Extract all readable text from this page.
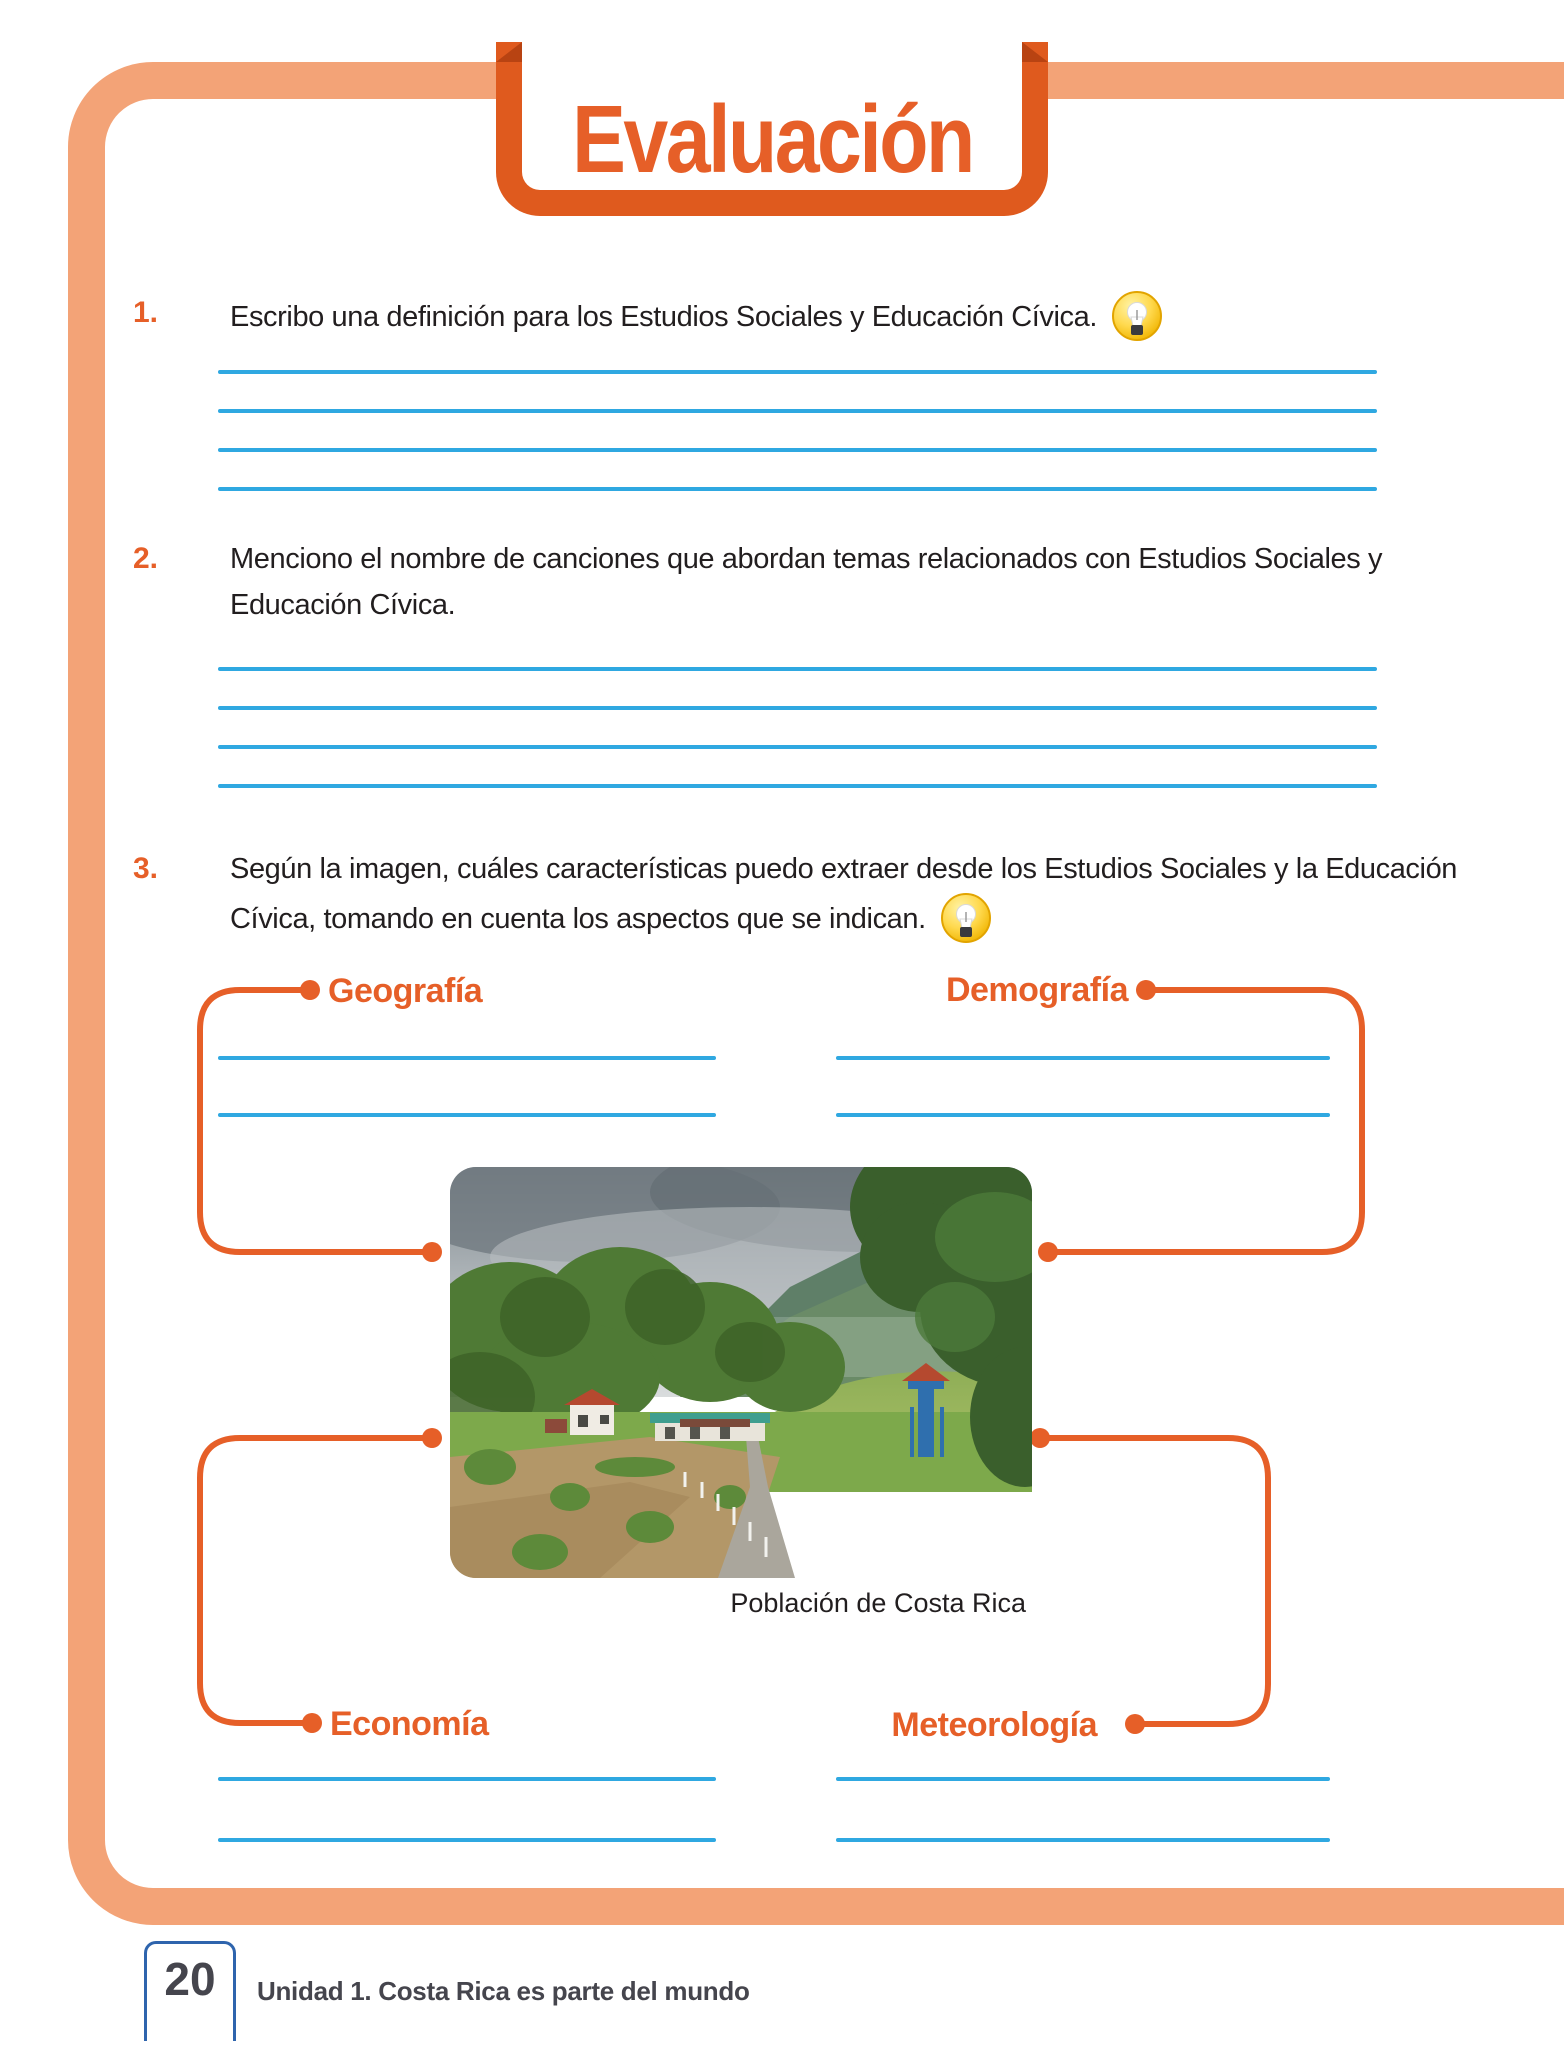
Evaluación
1.	Escribo una definición para los Estudios Sociales y Educación Cívica.
2.	Menciono el nombre de canciones que abordan temas relacionados con Estudios Sociales y
Educación Cívica.
3.	Según la imagen, cuáles características puedo extraer desde los Estudios Sociales y la Educación
Cívica, tomando en cuenta los aspectos que se indican.
Geografía	Demografía
Economía	Meteorología
Población de Costa Rica
20 Unidad 1. Costa Rica es parte del mundo
